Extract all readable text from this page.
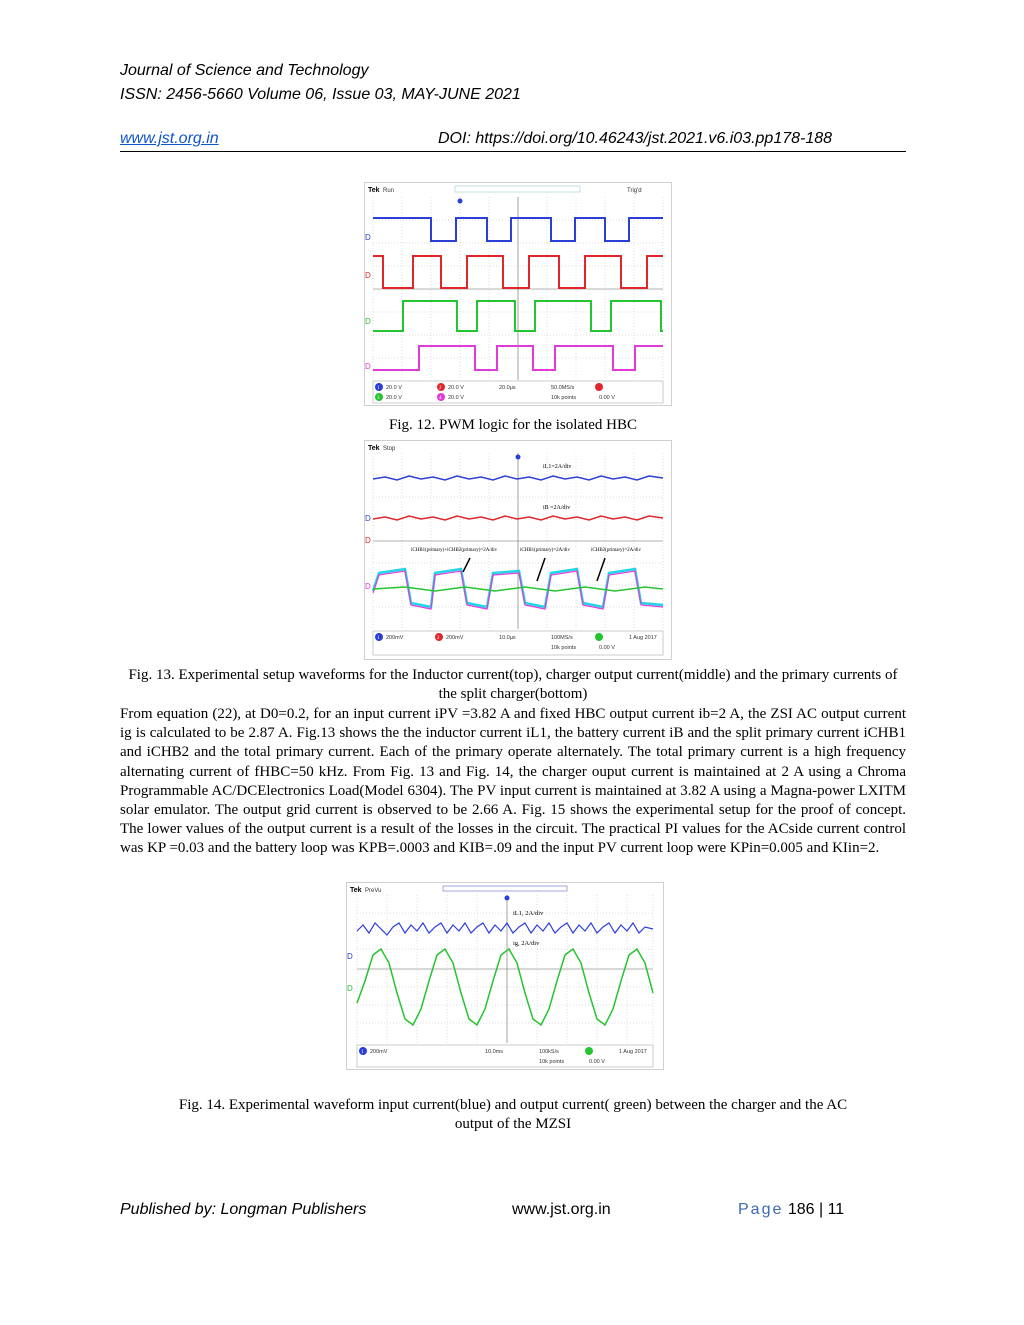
Journal of Science and Technology
ISSN: 2456-5660 Volume 06, Issue 03, MAY-JUNE 2021
www.jst.org.in	DOI: https://doi.org/10.46243/jst.2021.v6.i03.pp178-188
Tek Run	Trig'd
D
D
D
D
1
3
2
4
20.0 V
20.0 V
20.0 V
20.0 V
20.0µs	50.0MS/s
10k points	0.00 V
Fig. 12. PWM logic for the isolated HBC
Tek Stop
iL1=2A/div
iB =2A/div
iCHB1(primary)+iCHB2(primary)=2A/div	iCHB1(primary)=2A/div	iCHB2(primary)=2A/div
D
D
D
1	2
200mV	200mV	10.0µs	100MS/s
10k points	0.00 V
1 Aug 2017
Fig. 13. Experimental setup waveforms for the Inductor current(top), charger output current(middle) and the primary currents of the split charger(bottom)
From equation (22), at D0=0.2, for an input current iPV =3.82 A and fixed HBC output current ib=2 A, the ZSI AC output current ig is calculated to be 2.87 A. Fig.13 shows the the inductor current iL1, the battery current iB and the split primary current iCHB1 and iCHB2 and the total primary current. Each of the primary operate alternately. The total primary current is a high frequency alternating current of fHBC=50 kHz. From Fig. 13 and Fig. 14, the charger ouput current is maintained at 2 A using a Chroma Programmable AC/DCElectronics Load(Model 6304). The PV input current is maintained at 3.82 A using a Magna-power LXITM solar emulator. The output grid current is observed to be 2.66 A. Fig. 15 shows the experimental setup for the proof of concept. The lower values of the output current is a result of the losses in the circuit. The practical PI values for the ACside current control was KP =0.03 and the battery loop was KPB=.0003 and KIB=.09 and the input PV current loop were KPin=0.005 and KIin=2.
Tek PreVu
iL1, 2A/div
ig, 2A/div
D
D
1 200mV	10.0ms	100kS/s
10k points	0.00 V
1 Aug 2017
Fig. 14. Experimental waveform input current(blue) and output current( green) between the charger and the AC
output of the MZSI
Published by: Longman Publishers	www.jst.org.in	Page 186 | 11
